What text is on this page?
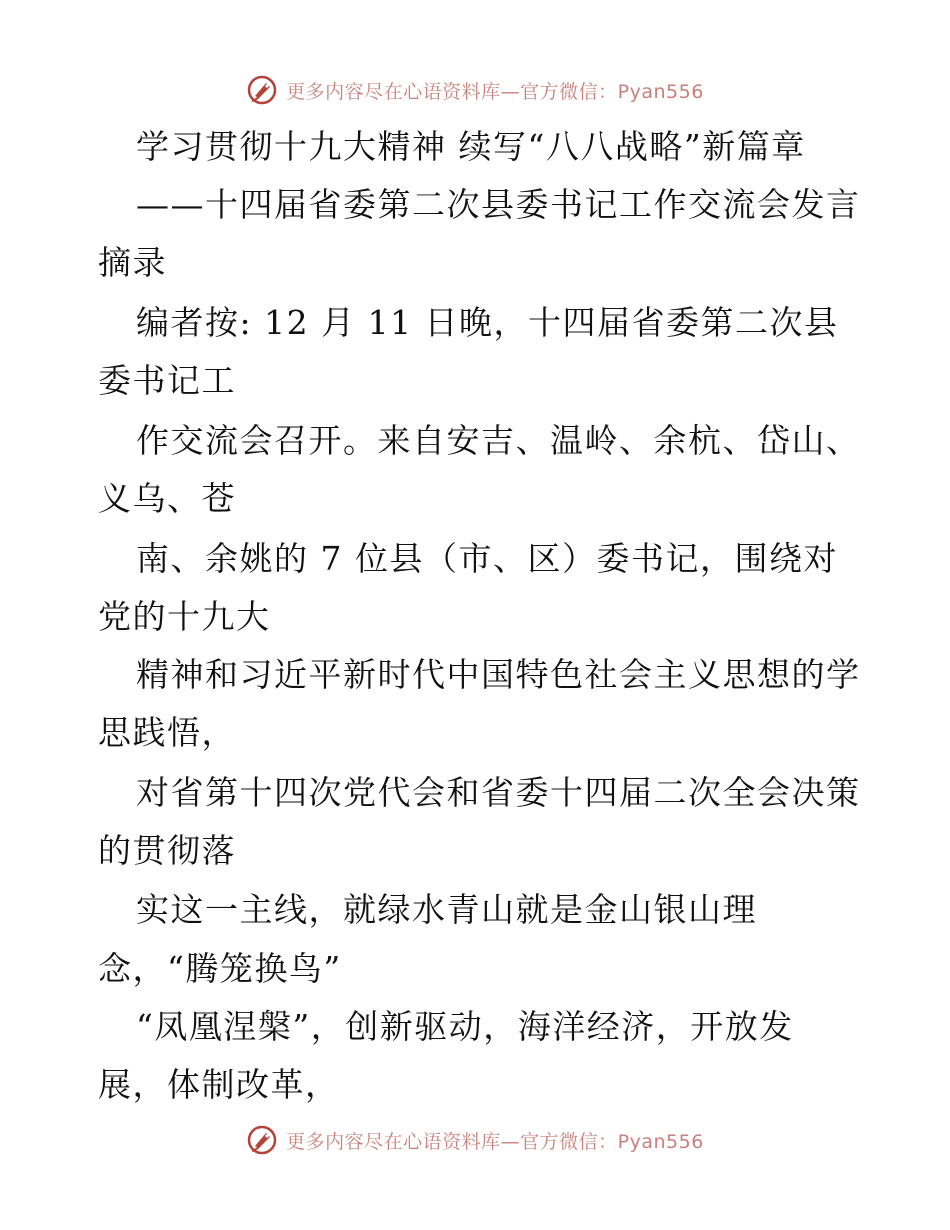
更多内容尽在心语资料库—官方微信：Pyan556
学习贯彻十九大精神 续写“八八战略”新篇章
——十四届省委第二次县委书记工作交流会发言
摘录
编者按: 12 月 11 日晚，十四届省委第二次县
委书记工
作交流会召开。来自安吉、温岭、余杭、岱山、
义乌、苍
南、余姚的 7 位县（市、区）委书记，围绕对
党的十九大
精神和习近平新时代中国特色社会主义思想的学
思践悟，
对省第十四次党代会和省委十四届二次全会决策
的贯彻落
实这一主线，就绿水青山就是金山银山理
念，“腾笼换鸟”
“凤凰涅槃”，创新驱动，海洋经济，开放发
展，体制改革，
更多内容尽在心语资料库—官方微信：Pyan556
